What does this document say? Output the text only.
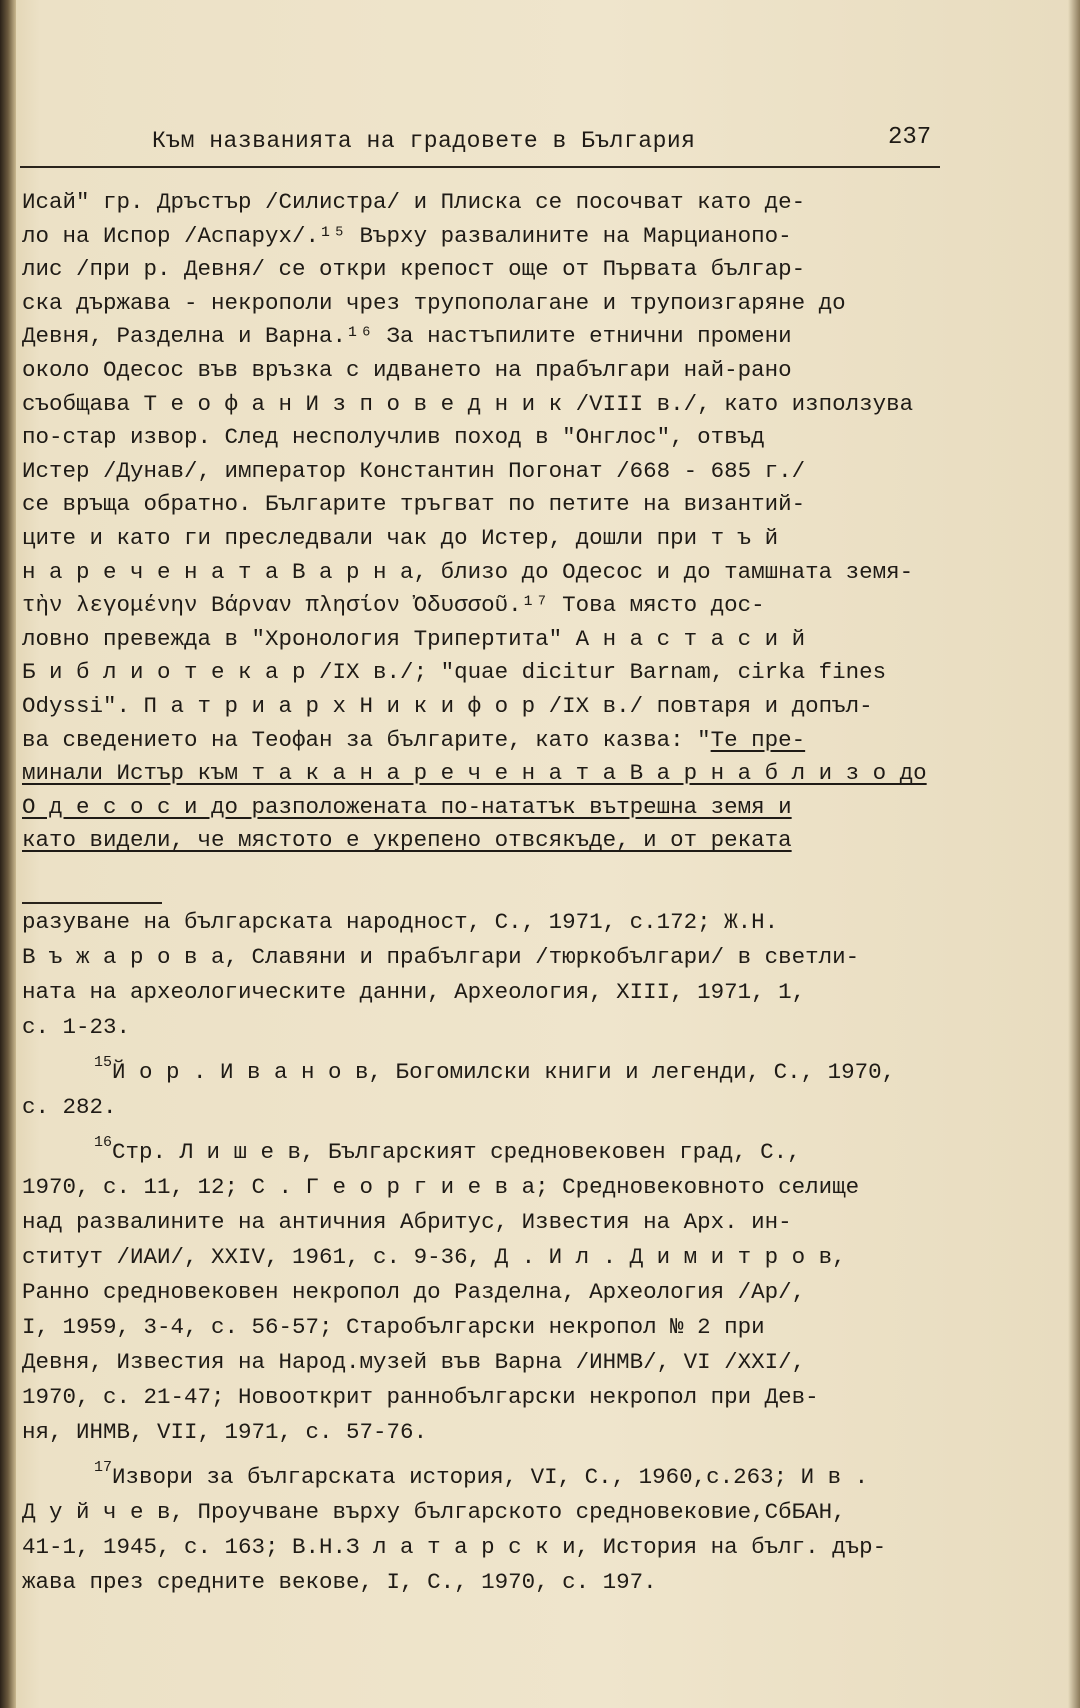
Към названията на градовете в България	237
Исай" гр. Дръстър /Силистра/ и Плиска се посочват като де-
ло на Испор /Аспарух/.¹⁵ Върху развалините на Марцианопо-
лис /при р. Девня/ се откри крепост още от Първата българ-
ска държава - некрополи чрез трупополагане и трупоизгаряне до
Девня, Разделна и Варна.¹⁶ За настъпилите етнични промени
около Одесос във връзка с идването на прабългари най-рано
съобщава Т е о ф а н И з п о в е д н и к /VIII в./, като използува
по-стар извор. След несполучлив поход в "Онглос", отвъд
Истер /Дунав/, император Константин Погонат /668 - 685 г./
се връща обратно. Българите тръгват по петите на византий-
ците и като ги преследвали чак до Истер, дошли при т ъ й
н а р е ч е н а т а В а р н а, близо до Одесос и до тамшната земя-
τὴν λεγομένην Βάρναν πλησίον Ὀδυσσοῦ.¹⁷ Това място дос-
ловно превежда в "Хронология Трипертита" А н а с т а с и й
Б и б л и о т е к а р /IX в./; "quae dicitur Barnam, cirka fines
Odyssi". П а т р и а р х Н и к и ф о р /IX в./ повтаря и допъл-
ва сведението на Теофан за българите, като казва: "Те пре-
минали Истър към т а к а н а р е ч е н а т а В а р н а б л и з о до
О д е с о с и до разположената по-нататък вътрешна земя и
като видели, че мястото е укрепено отвсякъде, и от реката
разуване на българската народност, С., 1971, с.172; Ж.Н.
В ъ ж а р о в а, Славяни и прабългари /тюркобългари/ в светли-
ната на археологическите данни, Археология, XIII, 1971, 1,
с. 1-23.
$^{15}$Й о р . И в а н о в, Богомилски книги и легенди, С., 1970,
с. 282.
$^{16}$Стр. Л и ш е в, Българският средновековен град, С.,
1970, с. 11, 12; С . Г е о р г и е в а; Средновековното селище
над развалините на античния Абритус, Известия на Арх. ин-
ститут /ИАИ/, XXIV, 1961, с. 9-36, Д . И л . Д и м и т р о в,
Ранно средновековен некропол до Разделна, Археология /Ар/,
I, 1959, 3-4, с. 56-57; Старобългарски некропол № 2 при
Девня, Известия на Народ.музей във Варна /ИНМВ/, VI /XXI/,
1970, с. 21-47; Новооткрит раннобългарски некропол при Дев-
ня, ИНМВ, VII, 1971, с. 57-76.
$^{17}$Извори за българската история, VI, С., 1960,с.263; И в .
Д у й ч е в, Проучване върху българското средновековие,СбБАН,
41-1, 1945, с. 163; В.Н.З л а т а р с к и, История на бълг. дър-
жава през средните векове, I, С., 1970, с. 197.
